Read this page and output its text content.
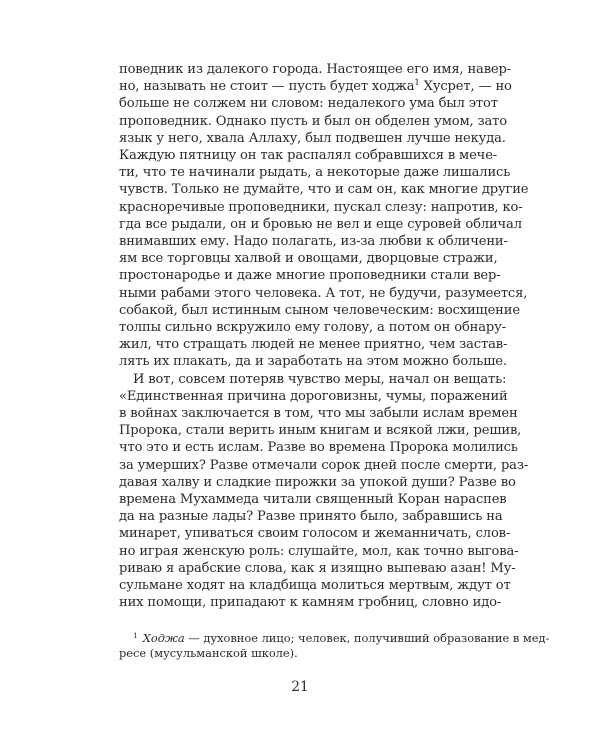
поведник из далекого города. Настоящее его имя, навер-
но, называть не стоит — пусть будет ходжа$^1$ Хусрет, — но
больше не солжем ни словом: недалекого ума был этот
проповедник. Однако пусть и был он обделен умом, зато
язык у него, хвала Аллаху, был подвешен лучше некуда.
Каждую пятницу он так распалял собравшихся в мече-
ти, что те начинали рыдать, а некоторые даже лишались
чувств. Только не думайте, что и сам он, как многие другие
красноречивые проповедники, пускал слезу: напротив, ко-
гда все рыдали, он и бровью не вел и еще суровей обличал
внимавших ему. Надо полагать, из-за любви к обличени-
ям все торговцы халвой и овощами, дворцовые стражи,
простонародье и даже многие проповедники стали вер-
ными рабами этого человека. А тот, не будучи, разумеется,
собакой, был истинным сыном человеческим: восхищение
толпы сильно вскружило ему голову, а потом он обнару-
жил, что стращать людей не менее приятно, чем застав-
лять их плакать, да и заработать на этом можно больше.
И вот, совсем потеряв чувство меры, начал он вещать:
«Единственная причина дороговизны, чумы, поражений
в войнах заключается в том, что мы забыли ислам времен
Пророка, стали верить иным книгам и всякой лжи, решив,
что это и есть ислам. Разве во времена Пророка молились
за умерших? Разве отмечали сорок дней после смерти, раз-
давая халву и сладкие пирожки за упокой души? Разве во
времена Мухаммеда читали священный Коран нараспев
да на разные лады? Разве принято было, забравшись на
21
минарет, упиваться своим голосом и жеманничать, слов-
но играя женскую роль: слушайте, мол, как точно выгова-
риваю я арабские слова, как я изящно выпеваю азан! Му-
сульмане ходят на кладбища молиться мертвым, ждут от
них помощи, припадают к камням гробниц, словно идо-
$^1$ Ходжа — духовное лицо; человек, получивший образование в мед-
ресе (мусульманской школе).
